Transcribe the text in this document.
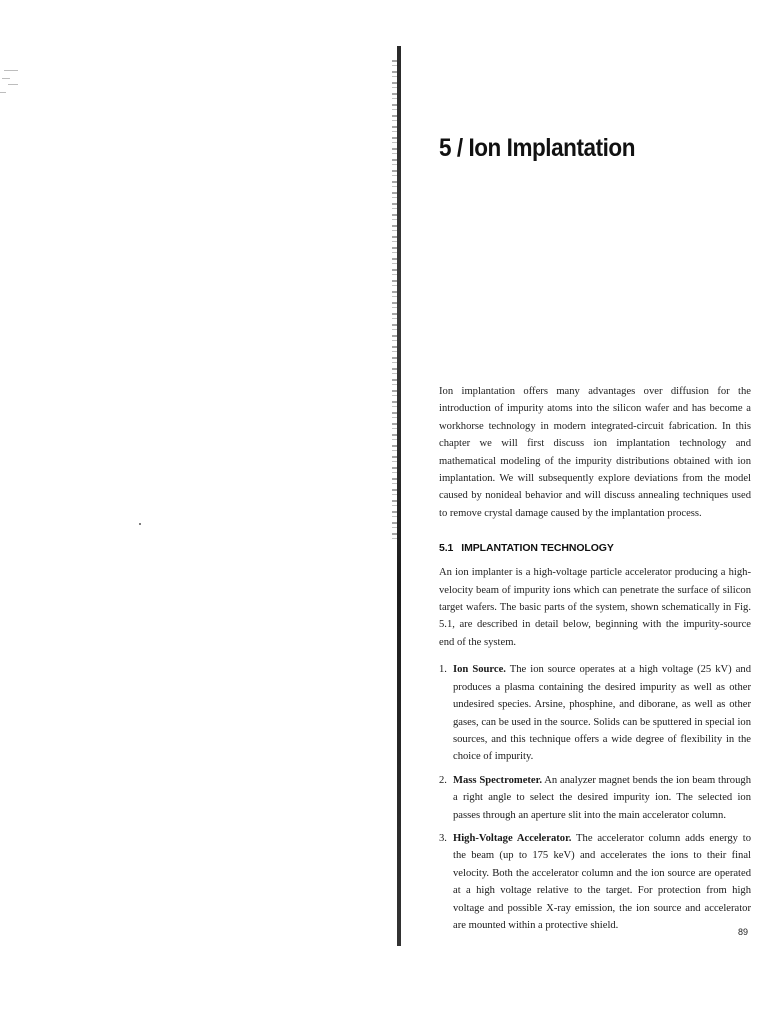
5 / Ion Implantation

Ion implantation offers many advantages over diffusion for the introduction of impurity atoms into the silicon wafer and has become a workhorse technology in modern integrated-circuit fabrication. In this chapter we will first discuss ion implantation technology and mathematical modeling of the impurity distributions obtained with ion implantation. We will subsequently explore deviations from the model caused by nonideal behavior and will discuss annealing techniques used to remove crystal damage caused by the implantation process.

5.1 IMPLANTATION TECHNOLOGY

An ion implanter is a high-voltage particle accelerator producing a high-velocity beam of impurity ions which can penetrate the surface of silicon target wafers. The basic parts of the system, shown schematically in Fig. 5.1, are described in detail below, beginning with the impurity-source end of the system.

1. Ion Source. The ion source operates at a high voltage (25 kV) and produces a plasma containing the desired impurity as well as other undesired species. Arsine, phosphine, and diborane, as well as other gases, can be used in the source. Solids can be sputtered in special ion sources, and this technique offers a wide degree of flexibility in the choice of impurity.

2. Mass Spectrometer. An analyzer magnet bends the ion beam through a right angle to select the desired impurity ion. The selected ion passes through an aperture slit into the main accelerator column.

3. High-Voltage Accelerator. The accelerator column adds energy to the beam (up to 175 keV) and accelerates the ions to their final velocity. Both the accelerator column and the ion source are operated at a high voltage relative to the target. For protection from high voltage and possible X-ray emission, the ion source and accelerator are mounted within a protective shield.

89
